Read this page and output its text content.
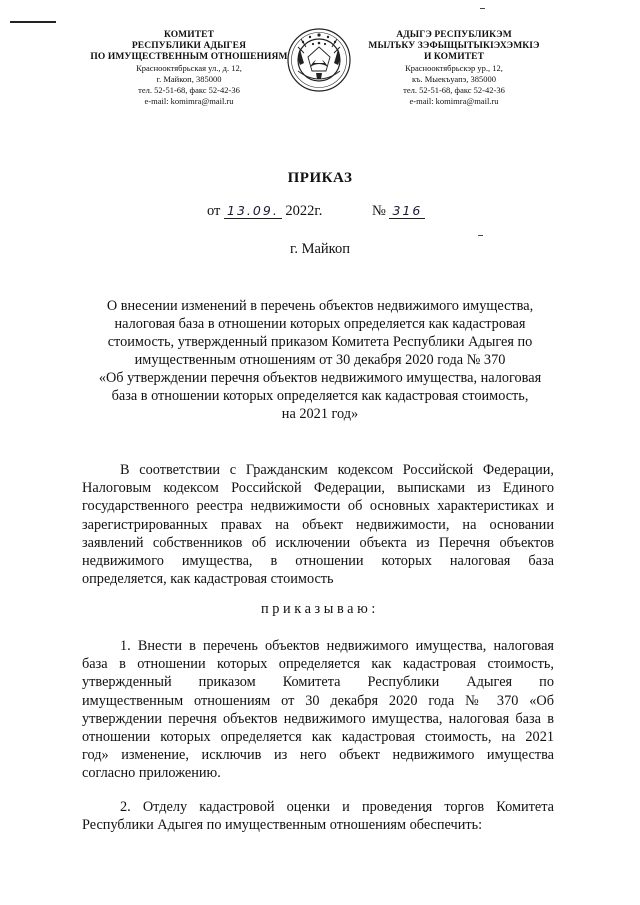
КОМИТЕТ
РЕСПУБЛИКИ АДЫГЕЯ
ПО ИМУЩЕСТВЕННЫМ ОТНОШЕНИЯМ
Краснооктябрьская ул., д. 12,
г. Майкоп, 385000
тел. 52-51-68, факс 52-42-36
e-mail: komimra@mail.ru
АДЫГЭ РЕСПУБЛИКЭМ
МЫЛЪКУ ЗЭФЫЩЫТЫКІЭХЭМКІЭ
И КОМИТЕТ
Краснооктябрьскэр ур., 12,
къ. Мыекъуапэ, 385000
тел. 52-51-68, факс 52-42-36
e-mail: komimra@mail.ru
ПРИКАЗ
от 13.09. 2022г.	№ 316
г. Майкоп
О внесении изменений в перечень объектов недвижимого имущества,
налоговая база в отношении которых определяется как кадастровая
стоимость, утвержденный приказом Комитета Республики Адыгея по
имущественным отношениям от 30 декабря 2020 года № 370
«Об утверждении перечня объектов недвижимого имущества, налоговая
база в отношении которых определяется как кадастровая стоимость,
на 2021 год»
В соответствии с Гражданским кодексом Российской Федерации,
Налоговым кодексом Российской Федерации, выписками из Единого
государственного реестра недвижимости об основных характеристиках и
зарегистрированных правах на объект недвижимости, на основании
заявлений собственников об исключении объекта из Перечня объектов
недвижимого имущества, в отношении которых налоговая база
определяется, как кадастровая стоимость
приказываю:
1. Внести в перечень объектов недвижимого имущества, налоговая
база в отношении которых определяется как кадастровая стоимость,
утвержденный приказом Комитета Республики Адыгея по
имущественным отношениям от 30 декабря 2020 года № 370 «Об
утверждении перечня объектов недвижимого имущества, налоговая база в
отношении которых определяется как кадастровая стоимость, на 2021
год» изменение, исключив из него объект недвижимого имущества
согласно приложению.
2. Отделу кадастровой оценки и проведения торгов Комитета
Республики Адыгея по имущественным отношениям обеспечить:
